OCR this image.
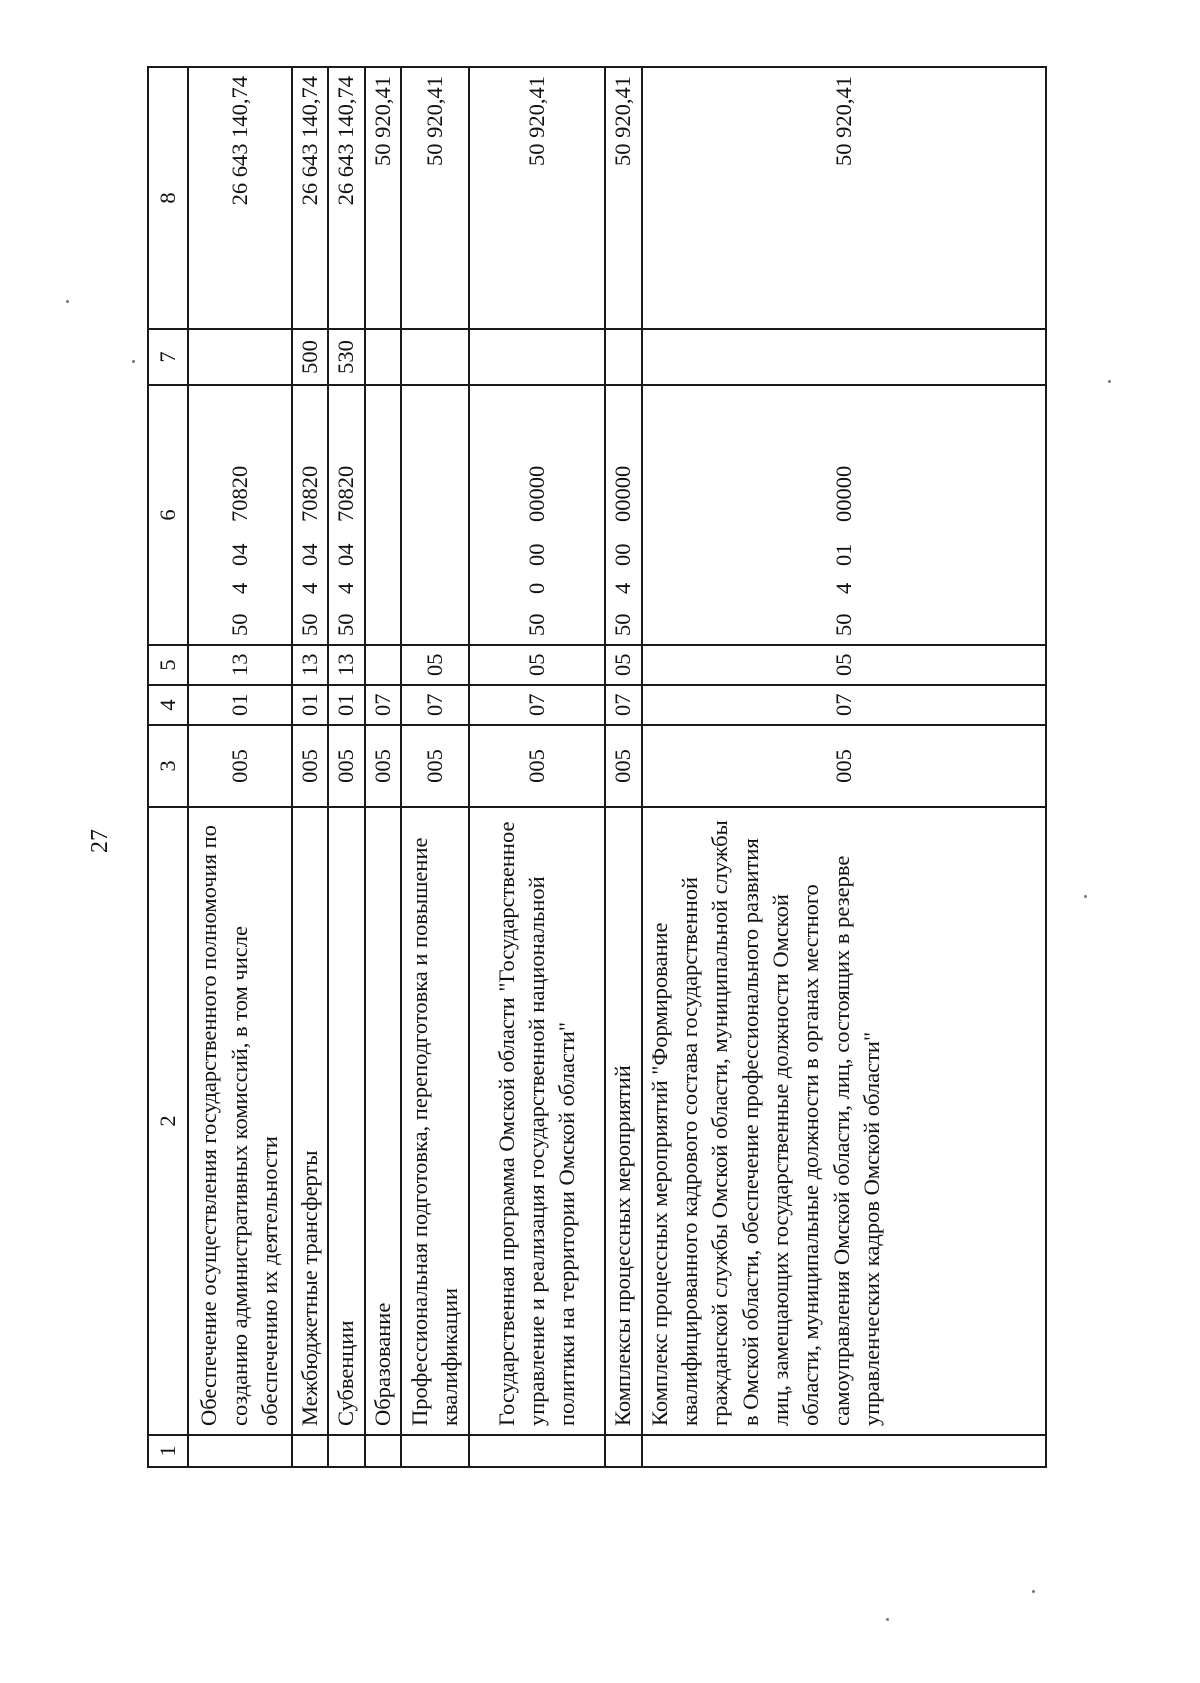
27
1	2	3	4	5	6	7	8
	Обеспечение осуществления государственного полномочия по созданию административных комиссий, в том числе обеспечению их деятельности	005	01	13	5040470820		26 643 140,74
	Межбюджетные трансферты	005	01	13	5040470820	500	26 643 140,74
	Субвенции	005	01	13	5040470820	530	26 643 140,74
	Образование	005	07				50 920,41
	Профессиональная подготовка, переподготовка и повышение квалификации	005	07	05			50 920,41
	Государственная программа Омской области "Государственное управление и реализация государственной национальной политики на территории Омской области"	005	07	05	5000000000		50 920,41
	Комплексы процессных мероприятий	005	07	05	5040000000		50 920,41
	Комплекс процессных мероприятий "Формирование квалифицированного кадрового состава государственной гражданской службы Омской области, муниципальной службы в Омской области, обеспечение профессионального развития лиц, замещающих государственные должности Омской области, муниципальные должности в органах местного самоуправления Омской области, лиц, состоящих в резерве управленческих кадров Омской области"	005	07	05	5040100000		50 920,41
